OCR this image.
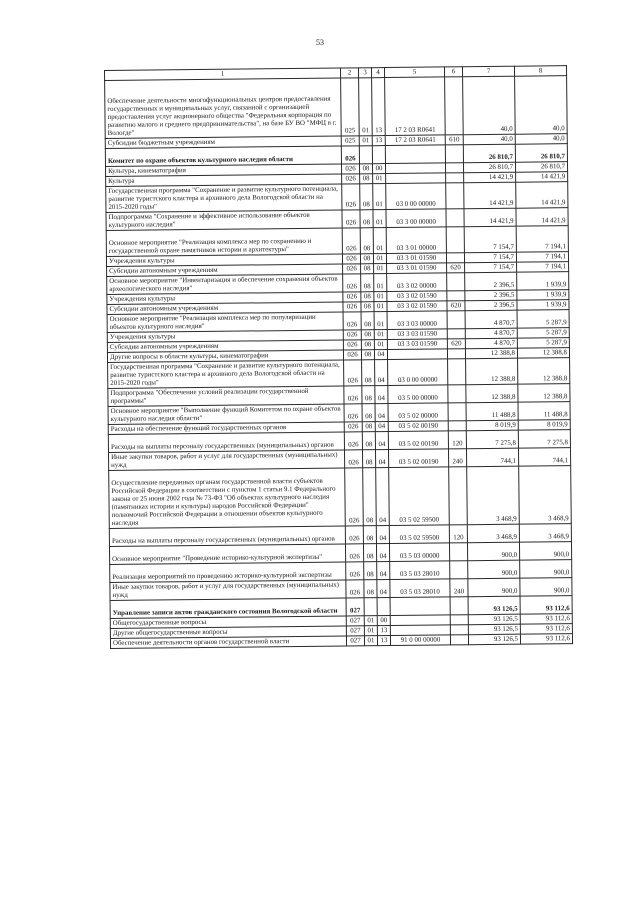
53
1	2	3	4	5	6	7	8
Обеспечение деятельности многофункциональных центров предоставления государственных и муниципальных услуг, связанной с организацией предоставления услуг акционерного общества "Федеральная корпорация по развитию малого и среднего предпринимательства", на базе БУ ВО "МФЦ в г. Вологде"	025	01	13	17 2 03 R0641		40,0	40,0
Субсидии бюджетным учреждениям	025	01	13	17 2 03 R0641	610	40,0	40,0
Комитет по охране объектов культурного наследия области	026					26 810,7	26 810,7
Культура, кинематография	026	08	00			26 810,7	26 810,7
Культура	026	08	01			14 421,9	14 421,9
Государственная программа "Сохранение и развитие культурного потенциала, развитие туристского кластера и архивного дела Вологодской области на 2015-2020 годы"	026	08	01	03 0 00 00000		14 421,9	14 421,9
Подпрограмма "Сохранение и эффективное использование объектов культурного наследия"	026	08	01	03 3 00 00000		14 421,9	14 421,9
Основное мероприятие "Реализация комплекса мер по сохранению и государственной охране памятников истории и архитектуры"	026	08	01	03 3 01 00000		7 154,7	7 194,1
Учреждения культуры	026	08	01	03 3 01 01590		7 154,7	7 194,1
Субсидии автономным учреждениям	026	08	01	03 3 01 01590	620	7 154,7	7 194,1
Основное мероприятие "Инвентаризация и обеспечение сохранения объектов археологического наследия"	026	08	01	03 3 02 00000		2 396,5	1 939,9
Учреждения культуры	026	08	01	03 3 02 01590		2 396,5	1 939,9
Субсидии автономным учреждениям	026	08	01	03 3 02 01590	620	2 396,5	1 939,9
Основное мероприятие "Реализация комплекса мер по популяризации объектов культурного наследия"	026	08	01	03 3 03 00000		4 870,7	5 287,9
Учреждения культуры	026	08	01	03 3 03 01590		4 870,7	5 287,9
Субсидии автономным учреждениям	026	08	01	03 3 03 01590	620	4 870,7	5 287,9
Другие вопросы в области культуры, кинематографии	026	08	04			12 388,8	12 388,8
Государственная программа "Сохранение и развитие культурного потенциала, развитие туристского кластера и архивного дела Вологодской области на 2015-2020 годы"	026	08	04	03 0 00 00000		12 388,8	12 388,8
Подпрограмма "Обеспечение условий реализации государственной программы"	026	08	04	03 5 00 00000		12 388,8	12 388,8
Основное мероприятие "Выполнение функций Комитетом по охране объектов культурного наследия области"	026	08	04	03 5 02 00000		11 488,8	11 488,8
Расходы на обеспечение функций государственных органов	026	08	04	03 5 02 00190		8 019,9	8 019,9
Расходы на выплаты персоналу государственных (муниципальных) органов	026	08	04	03 5 02 00190	120	7 275,8	7 275,8
Иные закупки товаров, работ и услуг для государственных (муниципальных) нужд	026	08	04	03 5 02 00190	240	744,1	744,1
Осуществление переданных органам государственной власти субъектов Российской Федерации в соответствии с пунктом 1 статьи 9.1 Федерального закона от 25 июня 2002 года № 73-ФЗ "Об объектах культурного наследия (памятниках истории и культуры) народов Российской Федерации" полномочий Российской Федерации в отношении объектов культурного наследия	026	08	04	03 5 02 59500		3 468,9	3 468,9
Расходы на выплаты персоналу государственных (муниципальных) органов	026	08	04	03 5 02 59500	120	3 468,9	3 468,9
Основное мероприятие "Проведение историко-культурной экспертизы"	026	08	04	03 5 03 00000		900,0	900,0
Реализация мероприятий по проведению историко-культурной экспертизы	026	08	04	03 5 03 28010		900,0	900,0
Иные закупки товаров, работ и услуг для государственных (муниципальных) нужд	026	08	04	03 5 03 28010	240	900,0	900,0
Управление записи актов гражданского состояния Вологодской области	027					93 126,5	93 112,6
Общегосударственные вопросы	027	01	00			93 126,5	93 112,6
Другие общегосударственные вопросы	027	01	13			93 126,5	93 112,6
Обеспечение деятельности органов государственной власти	027	01	13	91 0 00 00000		93 126,5	93 112,6
